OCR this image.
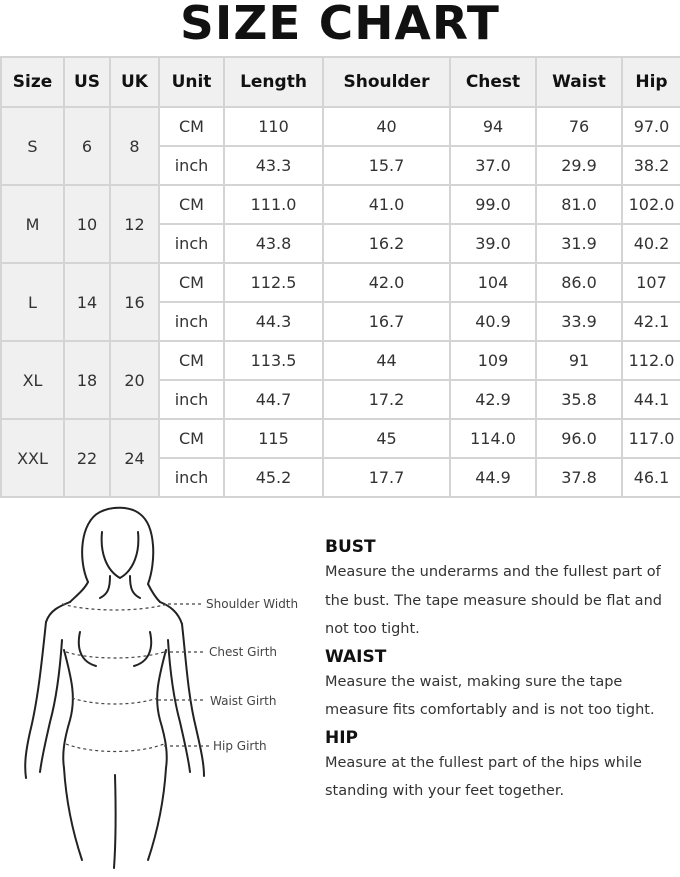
SIZE CHART
Size	US	UK	Unit	Length	Shoulder	Chest	Waist	Hip
S	6	8	CM	110	40	94	76	97.0
			inch	43.3	15.7	37.0	29.9	38.2
M	10	12	CM	111.0	41.0	99.0	81.0	102.0
			inch	43.8	16.2	39.0	31.9	40.2
L	14	16	CM	112.5	42.0	104	86.0	107
			inch	44.3	16.7	40.9	33.9	42.1
XL	18	20	CM	113.5	44	109	91	112.0
			inch	44.7	17.2	42.9	35.8	44.1
XXL	22	24	CM	115	45	114.0	96.0	117.0
			inch	45.2	17.7	44.9	37.8	46.1
Shoulder Width
Chest Girth
Waist Girth
Hip Girth
BUST

Measure the underarms and the fullest part of the bust. The tape measure should be flat and not too tight.

WAIST

Measure the waist, making sure the tape measure fits comfortably and is not too tight.

HIP

Measure at the fullest part of the hips while standing with your feet together.
